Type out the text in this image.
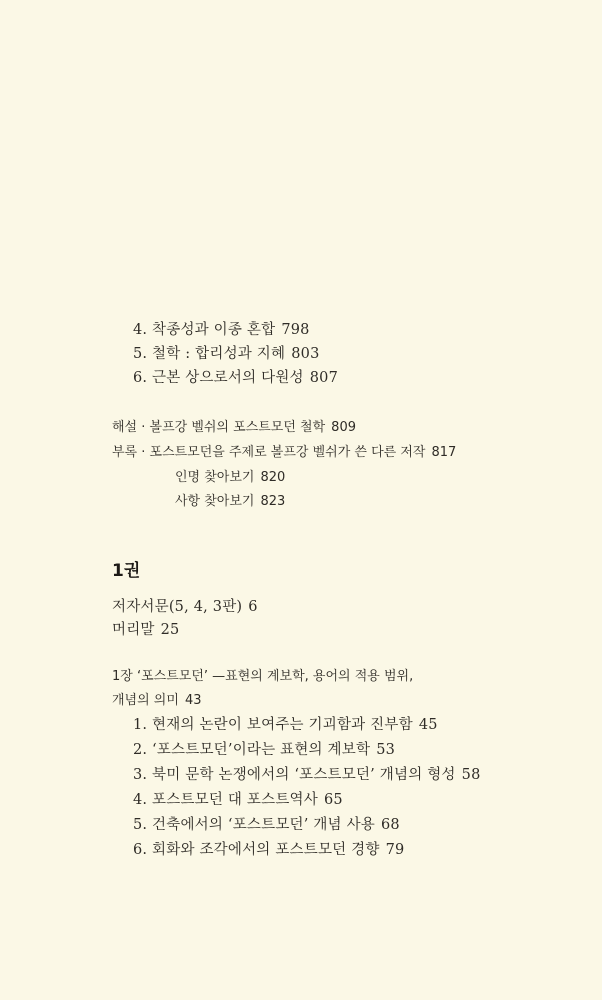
4. 착종성과 이종 혼합 798
5. 철학 : 합리성과 지혜 803
6. 근본 상으로서의 다원성 807
해설 · 볼프강 벨쉬의 포스트모던 철학 809
부록 · 포스트모던을 주제로 볼프강 벨쉬가 쓴 다른 저작 817
인명 찾아보기 820
사항 찾아보기 823
1권
저자서문(5, 4, 3판) 6
머리말 25
1장 ‘포스트모던’ —표현의 계보학, 용어의 적용 범위,
개념의 의미 43
1. 현재의 논란이 보여주는 기괴함과 진부함 45
2. ‘포스트모던’이라는 표현의 계보학 53
3. 북미 문학 논쟁에서의 ‘포스트모던’ 개념의 형성 58
4. 포스트모던 대 포스트역사 65
5. 건축에서의 ‘포스트모던’ 개념 사용 68
6. 회화와 조각에서의 포스트모던 경향 79
